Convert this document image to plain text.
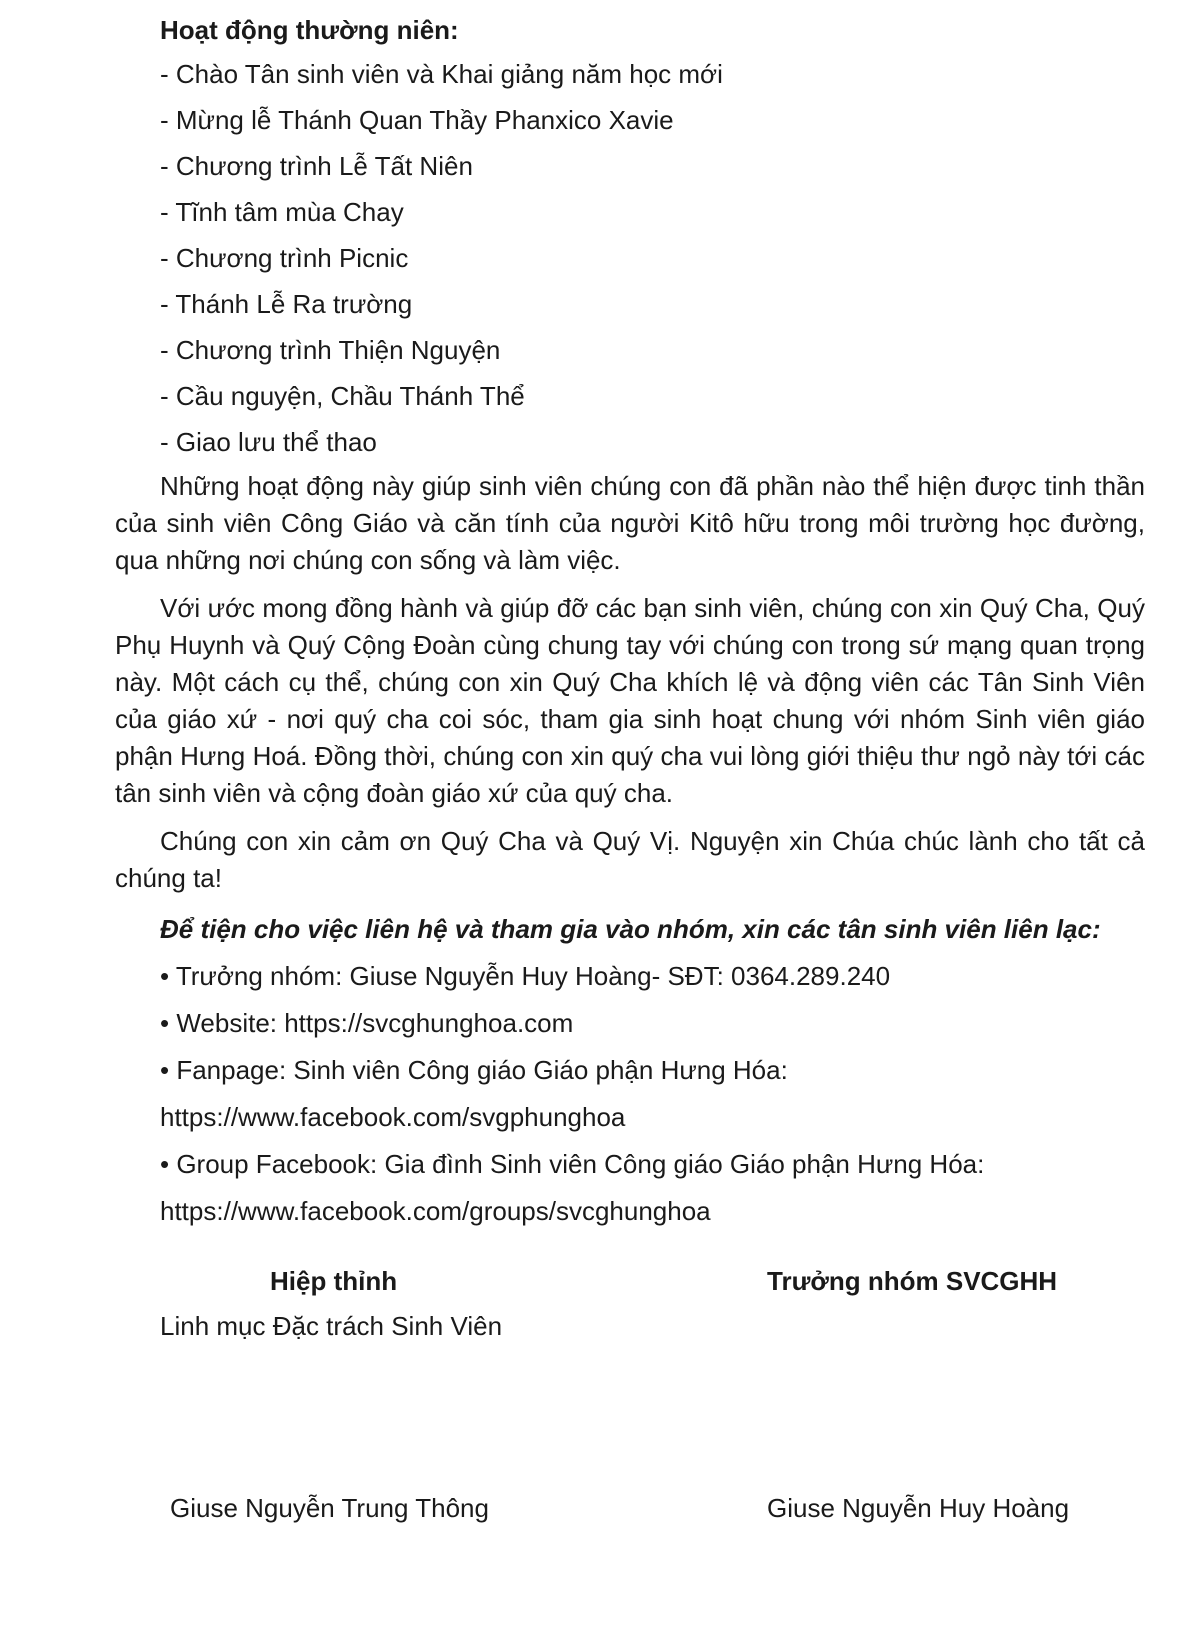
Hoạt động thường niên:
- Chào Tân sinh viên và Khai giảng năm học mới
- Mừng lễ Thánh Quan Thầy Phanxico Xavie
- Chương trình Lễ Tất Niên
- Tĩnh tâm mùa Chay
- Chương trình Picnic
- Thánh Lễ Ra trường
- Chương trình Thiện Nguyện
- Cầu nguyện, Chầu Thánh Thể
- Giao lưu thể thao

Những hoạt động này giúp sinh viên chúng con đã phần nào thể hiện được tinh thần của sinh viên Công Giáo và căn tính của người Kitô hữu trong môi trường học đường, qua những nơi chúng con sống và làm việc.

Với ước mong đồng hành và giúp đỡ các bạn sinh viên, chúng con xin Quý Cha, Quý Phụ Huynh và Quý Cộng Đoàn cùng chung tay với chúng con trong sứ mạng quan trọng này. Một cách cụ thể, chúng con xin Quý Cha khích lệ và động viên các Tân Sinh Viên của giáo xứ - nơi quý cha coi sóc, tham gia sinh hoạt chung với nhóm Sinh viên giáo phận Hưng Hoá. Đồng thời, chúng con xin quý cha vui lòng giới thiệu thư ngỏ này tới các tân sinh viên và cộng đoàn giáo xứ của quý cha.

Chúng con xin cảm ơn Quý Cha và Quý Vị. Nguyện xin Chúa chúc lành cho tất cả chúng ta!

Để tiện cho việc liên hệ và tham gia vào nhóm, xin các tân sinh viên liên lạc:
• Trưởng nhóm: Giuse Nguyễn Huy Hoàng- SĐT: 0364.289.240
• Website: https://svcghunghoa.com
• Fanpage: Sinh viên Công giáo Giáo phận Hưng Hóa:
https://www.facebook.com/svgphunghoa
• Group Facebook: Gia đình Sinh viên Công giáo Giáo phận Hưng Hóa:
https://www.facebook.com/groups/svcghunghoa
Hiệp thỉnh
Linh mục Đặc trách Sinh Viên
Giuse Nguyễn Trung Thông
Trưởng nhóm SVCGHH
Giuse Nguyễn Huy Hoàng
